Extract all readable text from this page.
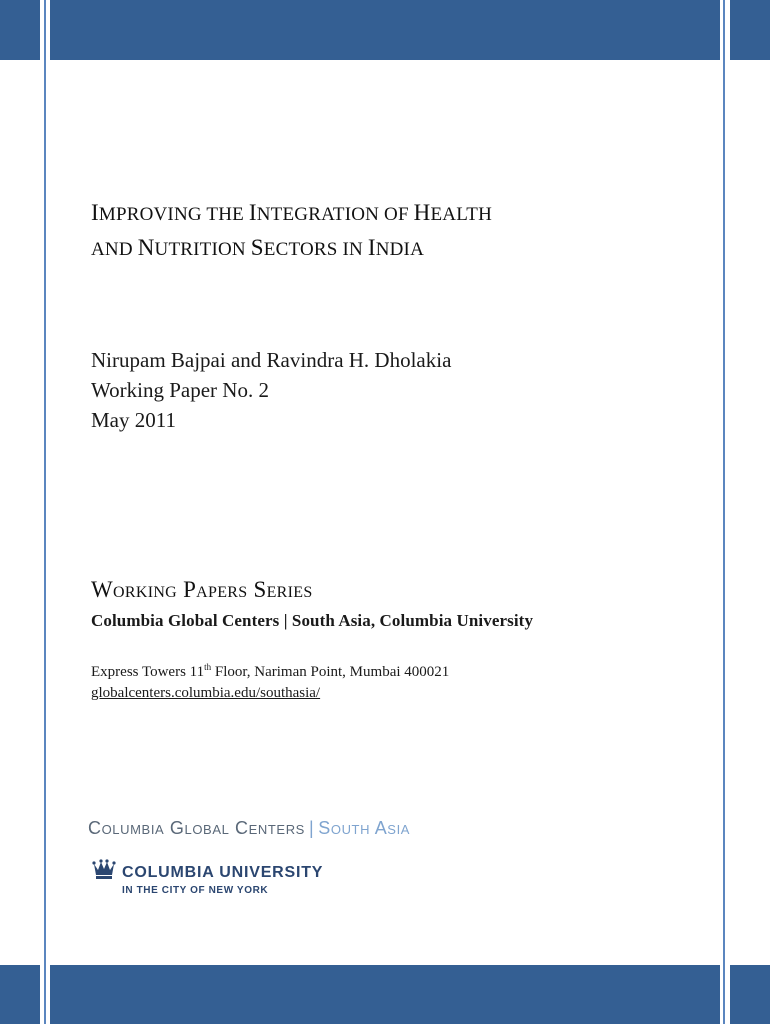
IMPROVING THE INTEGRATION OF HEALTH
AND NUTRITION SECTORS IN INDIA
Nirupam Bajpai and Ravindra H. Dholakia
Working Paper No. 2
May 2011
Working Papers Series
Columbia Global Centers | South Asia, Columbia University
Express Towers 11th Floor, Nariman Point, Mumbai 400021
globalcenters.columbia.edu/southasia/
Columbia Global Centers | South Asia
COLUMBIA UNIVERSITY
IN THE CITY OF NEW YORK
